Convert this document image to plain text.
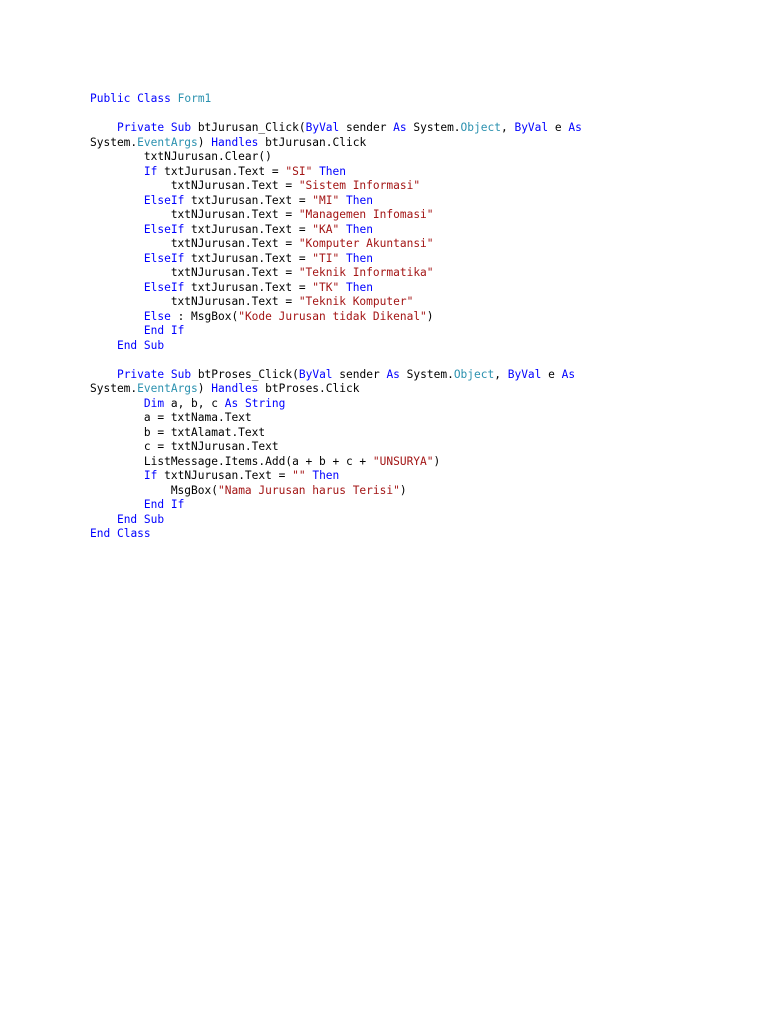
Public Class Form1
Private Sub btJurusan_Click(ByVal sender As System.Object, ByVal e As
System.EventArgs) Handles btJurusan.Click
txtNJurusan.Clear()
If txtJurusan.Text = "SI" Then
txtNJurusan.Text = "Sistem Informasi"
ElseIf txtJurusan.Text = "MI" Then
txtNJurusan.Text = "Managemen Infomasi"
ElseIf txtJurusan.Text = "KA" Then
txtNJurusan.Text = "Komputer Akuntansi"
ElseIf txtJurusan.Text = "TI" Then
txtNJurusan.Text = "Teknik Informatika"
ElseIf txtJurusan.Text = "TK" Then
txtNJurusan.Text = "Teknik Komputer"
Else : MsgBox("Kode Jurusan tidak Dikenal")
End If
End Sub
Private Sub btProses_Click(ByVal sender As System.Object, ByVal e As
System.EventArgs) Handles btProses.Click
Dim a, b, c As String
a = txtNama.Text
b = txtAlamat.Text
c = txtNJurusan.Text
ListMessage.Items.Add(a + b + c + "UNSURYA")
If txtNJurusan.Text = "" Then
MsgBox("Nama Jurusan harus Terisi")
End If
End Sub
End Class
